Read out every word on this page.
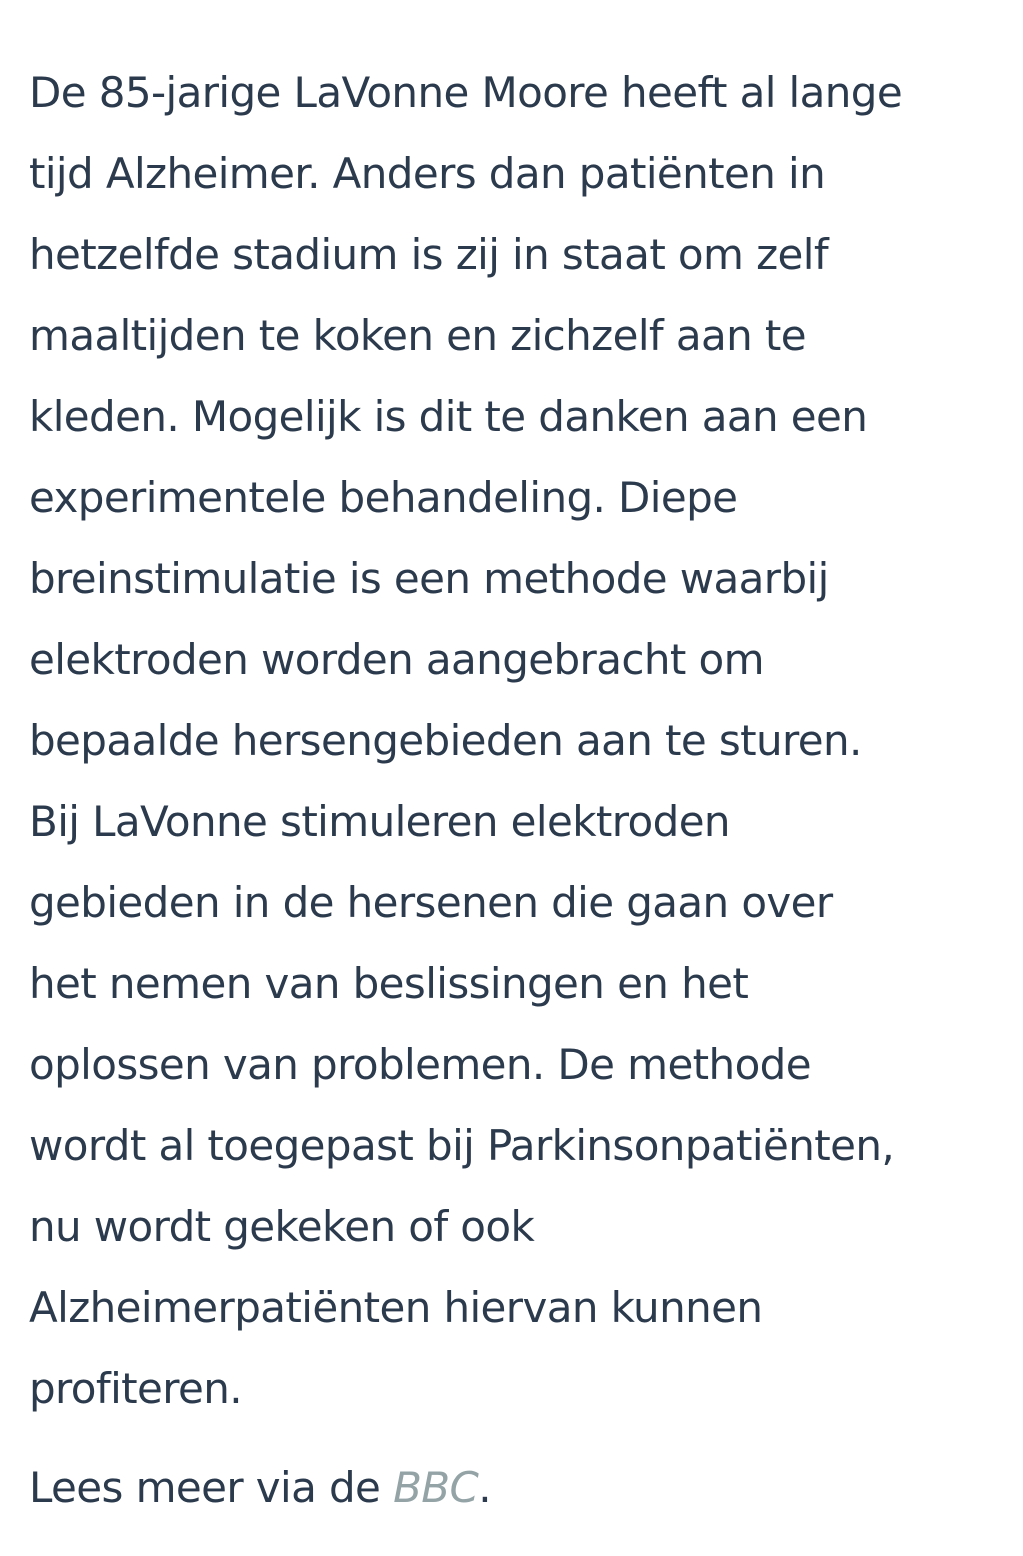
De 85-jarige LaVonne Moore heeft al lange
tijd Alzheimer. Anders dan patiënten in
hetzelfde stadium is zij in staat om zelf
maaltijden te koken en zichzelf aan te
kleden. Mogelijk is dit te danken aan een
experimentele behandeling. Diepe
breinstimulatie is een methode waarbij
elektroden worden aangebracht om
bepaalde hersengebieden aan te sturen.
Bij LaVonne stimuleren elektroden
gebieden in de hersenen die gaan over
het nemen van beslissingen en het
oplossen van problemen. De methode
wordt al toegepast bij Parkinsonpatiënten,
nu wordt gekeken of ook
Alzheimerpatiënten hiervan kunnen
profiteren.

Lees meer via de BBC.
